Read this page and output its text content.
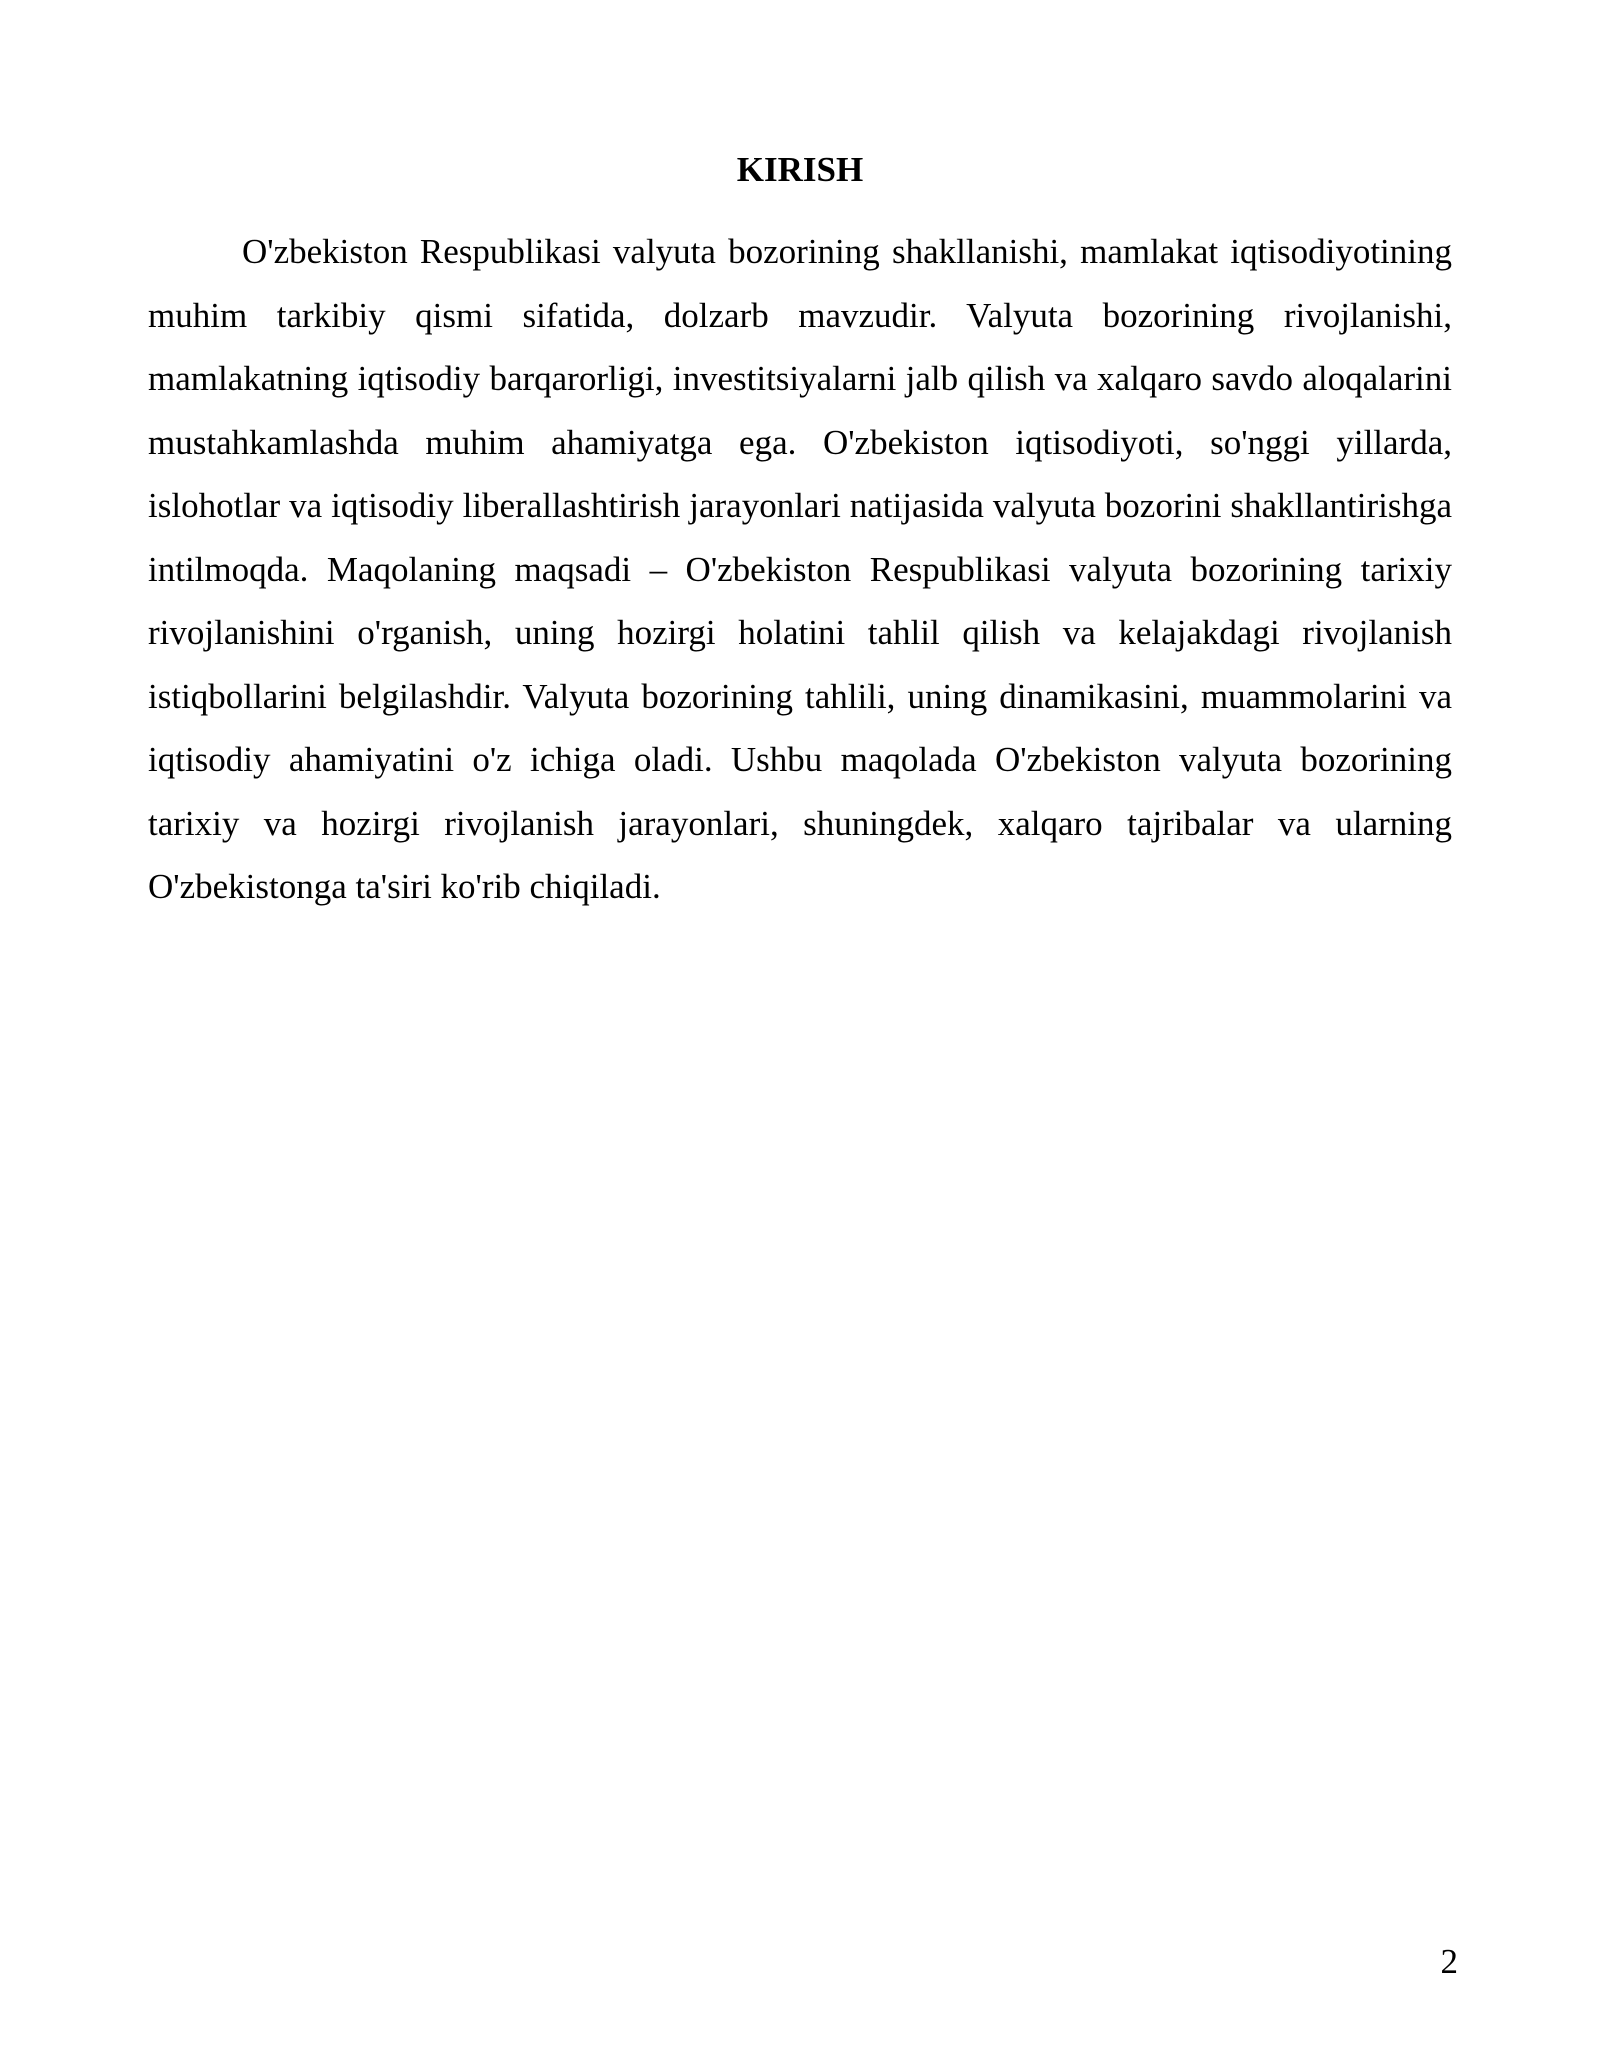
KIRISH

O'zbekiston Respublikasi valyuta bozorining shakllanishi, mamlakat iqtisodiyotining muhim tarkibiy qismi sifatida, dolzarb mavzudir. Valyuta bozorining rivojlanishi, mamlakatning iqtisodiy barqarorligi, investitsiyalarni jalb qilish va xalqaro savdo aloqalarini mustahkamlashda muhim ahamiyatga ega. O'zbekiston iqtisodiyoti, so'nggi yillarda, islohotlar va iqtisodiy liberallashtirish jarayonlari natijasida valyuta bozorini shakllantirishga intilmoqda. Maqolaning maqsadi – O'zbekiston Respublikasi valyuta bozorining tarixiy rivojlanishini o'rganish, uning hozirgi holatini tahlil qilish va kelajakdagi rivojlanish istiqbollarini belgilashdir. Valyuta bozorining tahlili, uning dinamikasini, muammolarini va iqtisodiy ahamiyatini o'z ichiga oladi. Ushbu maqolada O'zbekiston valyuta bozorining tarixiy va hozirgi rivojlanish jarayonlari, shuningdek, xalqaro tajribalar va ularning O'zbekistonga ta'siri ko'rib chiqiladi.

2
